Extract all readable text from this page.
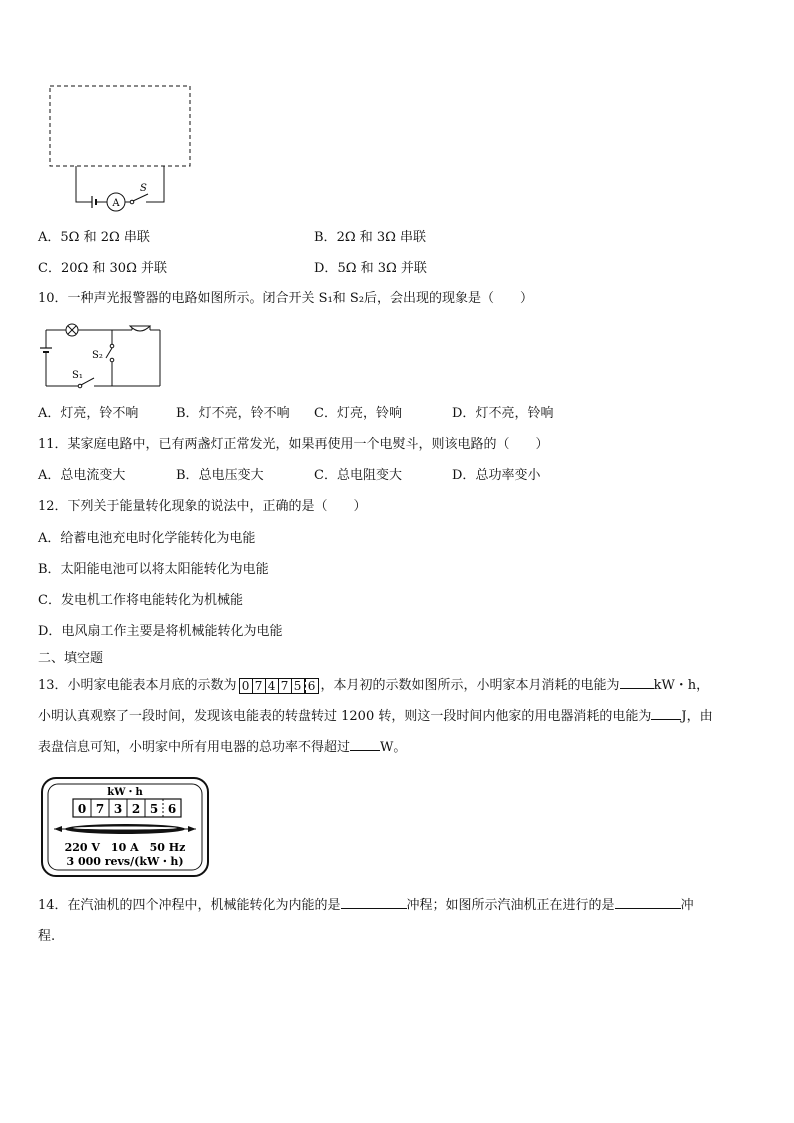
A
S
A．5Ω 和 2Ω 串联	B．2Ω 和 3Ω 串联
C．20Ω 和 30Ω 并联	D．5Ω 和 3Ω 并联
10．一种声光报警器的电路如图所示。闭合开关 S₁和 S₂后，会出现的现象是（　　）
S₁
S₂
A．灯亮，铃不响	B．灯不亮，铃不响 C．灯亮，铃响	D．灯不亮，铃响
11．某家庭电路中，已有两盏灯正常发光，如果再使用一个电熨斗，则该电路的（　　）
A．总电流变大	B．总电压变大	C．总电阻变大	D．总功率变小
12．下列关于能量转化现象的说法中，正确的是（　　）
A．给蓄电池充电时化学能转化为电能
B．太阳能电池可以将太阳能转化为电能
C．发电机工作将电能转化为机械能
D．电风扇工作主要是将机械能转化为电能
二、填空题
13．小明家电能表本月底的示数为 0 7 4 7 5 6 ，本月初的示数如图所示，小明家本月消耗的电能为	kW・h，
小明认真观察了一段时间，发现该电能表的转盘转过 1200 转，则这一段时间内他家的用电器消耗的电能为 J，由
表盘信息可知，小明家中所有用电器的总功率不得超过 W。
kW・h
0 7 3 2 5 6
220 V　10 A　50 Hz
3 000 revs/(kW・h)
14．在汽油机的四个冲程中，机械能转化为内能的是	冲程；如图所示汽油机正在进行的是	冲
程.
